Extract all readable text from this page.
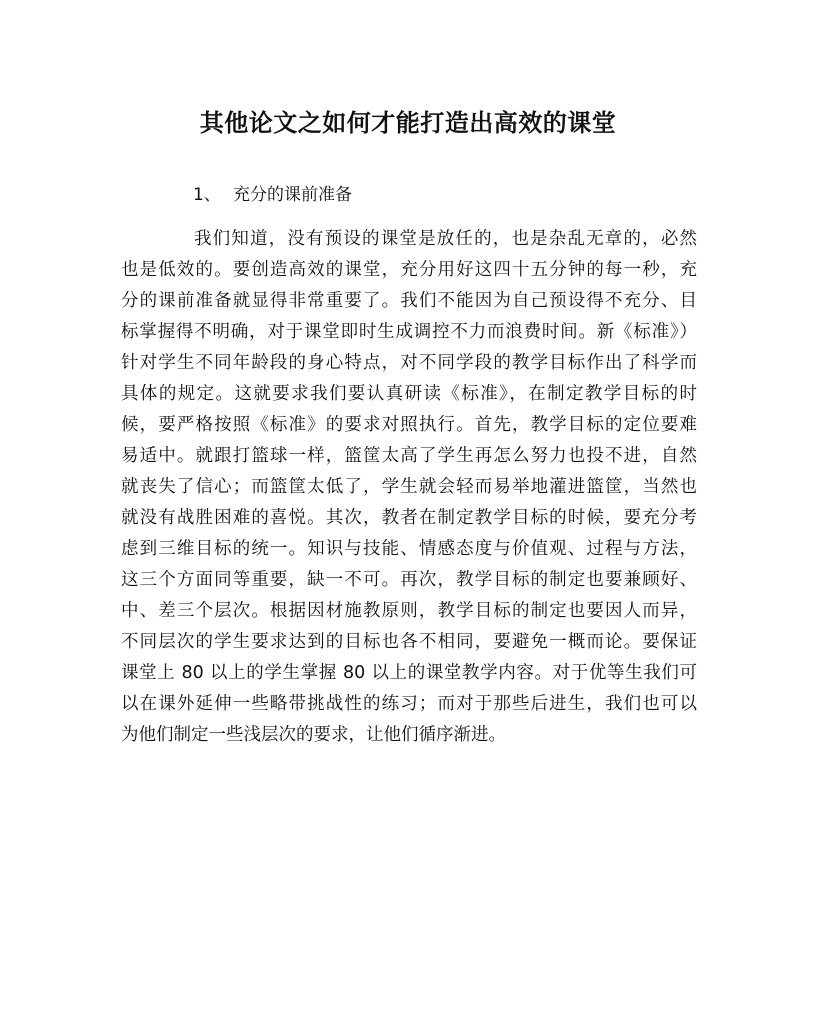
其他论文之如何才能打造出高效的课堂
1、 充分的课前准备
我们知道，没有预设的课堂是放任的，也是杂乱无章的，必然
也是低效的。要创造高效的课堂，充分用好这四十五分钟的每一秒，充
分的课前准备就显得非常重要了。我们不能因为自己预设得不充分、目
标掌握得不明确，对于课堂即时生成调控不力而浪费时间。新《标准》）
针对学生不同年龄段的身心特点，对不同学段的教学目标作出了科学而
具体的规定。这就要求我们要认真研读《标准》，在制定教学目标的时
候，要严格按照《标准》的要求对照执行。首先，教学目标的定位要难
易适中。就跟打篮球一样，篮筐太高了学生再怎么努力也投不进，自然
就丧失了信心；而篮筐太低了，学生就会轻而易举地灌进篮筐，当然也
就没有战胜困难的喜悦。其次，教者在制定教学目标的时候，要充分考
虑到三维目标的统一。知识与技能、情感态度与价值观、过程与方法，
这三个方面同等重要，缺一不可。再次，教学目标的制定也要兼顾好、
中、差三个层次。根据因材施教原则，教学目标的制定也要因人而异，
不同层次的学生要求达到的目标也各不相同，要避免一概而论。要保证
课堂上 80 以上的学生掌握 80 以上的课堂教学内容。对于优等生我们可
以在课外延伸一些略带挑战性的练习；而对于那些后进生，我们也可以
为他们制定一些浅层次的要求，让他们循序渐进。
